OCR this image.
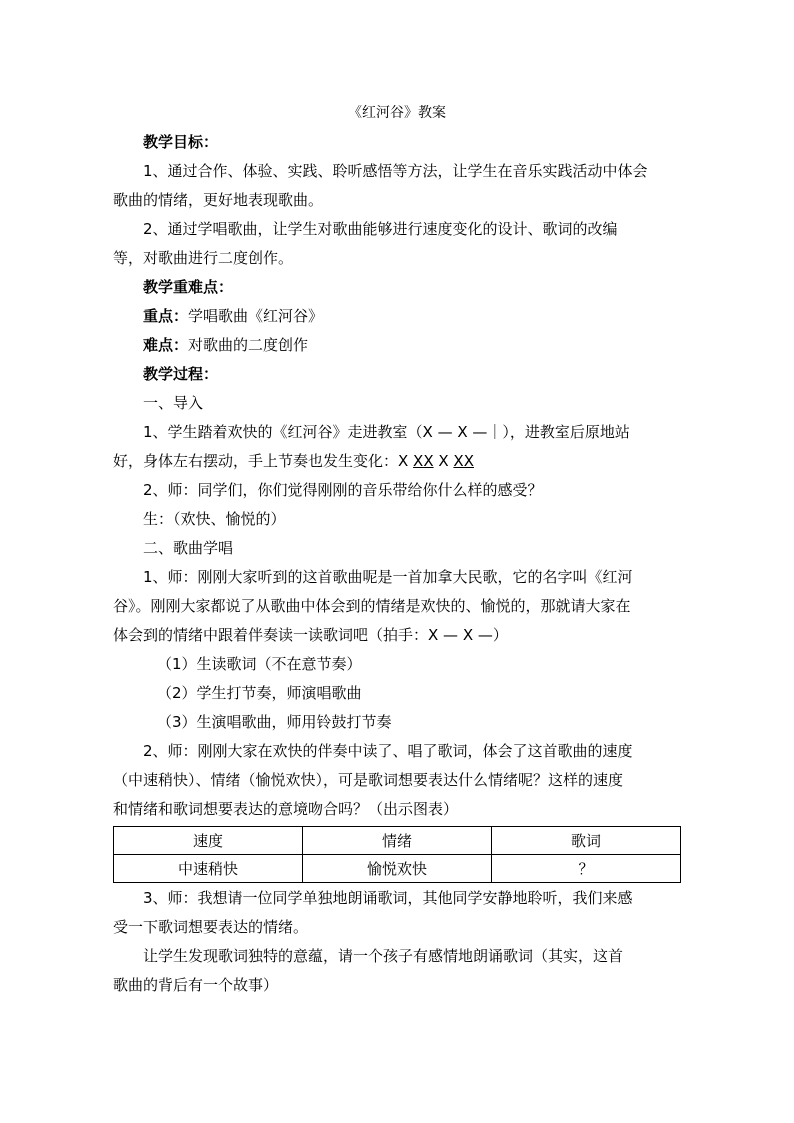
《红河谷》教案

教学目标：

1、通过合作、体验、实践、聆听感悟等方法，让学生在音乐实践活动中体会

歌曲的情绪，更好地表现歌曲。

2、通过学唱歌曲，让学生对歌曲能够进行速度变化的设计、歌词的改编

等，对歌曲进行二度创作。

教学重难点：

重点：学唱歌曲《红河谷》

难点：对歌曲的二度创作

教学过程：

一、导入

1、学生踏着欢快的《红河谷》走进教室（X — X —｜），进教室后原地站

好，身体左右摆动，手上节奏也发生变化：X XX X XX

2、师：同学们，你们觉得刚刚的音乐带给你什么样的感受？

生：（欢快、愉悦的）

二、歌曲学唱

1、师：刚刚大家听到的这首歌曲呢是一首加拿大民歌，它的名字叫《红河

谷》。刚刚大家都说了从歌曲中体会到的情绪是欢快的、愉悦的，那就请大家在

体会到的情绪中跟着伴奏读一读歌词吧（拍手：X — X —）

（1）生读歌词（不在意节奏）

（2）学生打节奏，师演唱歌曲

（3）生演唱歌曲，师用铃鼓打节奏

2、师：刚刚大家在欢快的伴奏中读了、唱了歌词，体会了这首歌曲的速度

（中速稍快）、情绪（愉悦欢快），可是歌词想要表达什么情绪呢？这样的速度

和情绪和歌词想要表达的意境吻合吗？（出示图表）

速度	情绪	歌词
中速稍快	愉悦欢快	？

3、师：我想请一位同学单独地朗诵歌词，其他同学安静地聆听，我们来感

受一下歌词想要表达的情绪。

让学生发现歌词独特的意蕴，请一个孩子有感情地朗诵歌词（其实，这首

歌曲的背后有一个故事）
